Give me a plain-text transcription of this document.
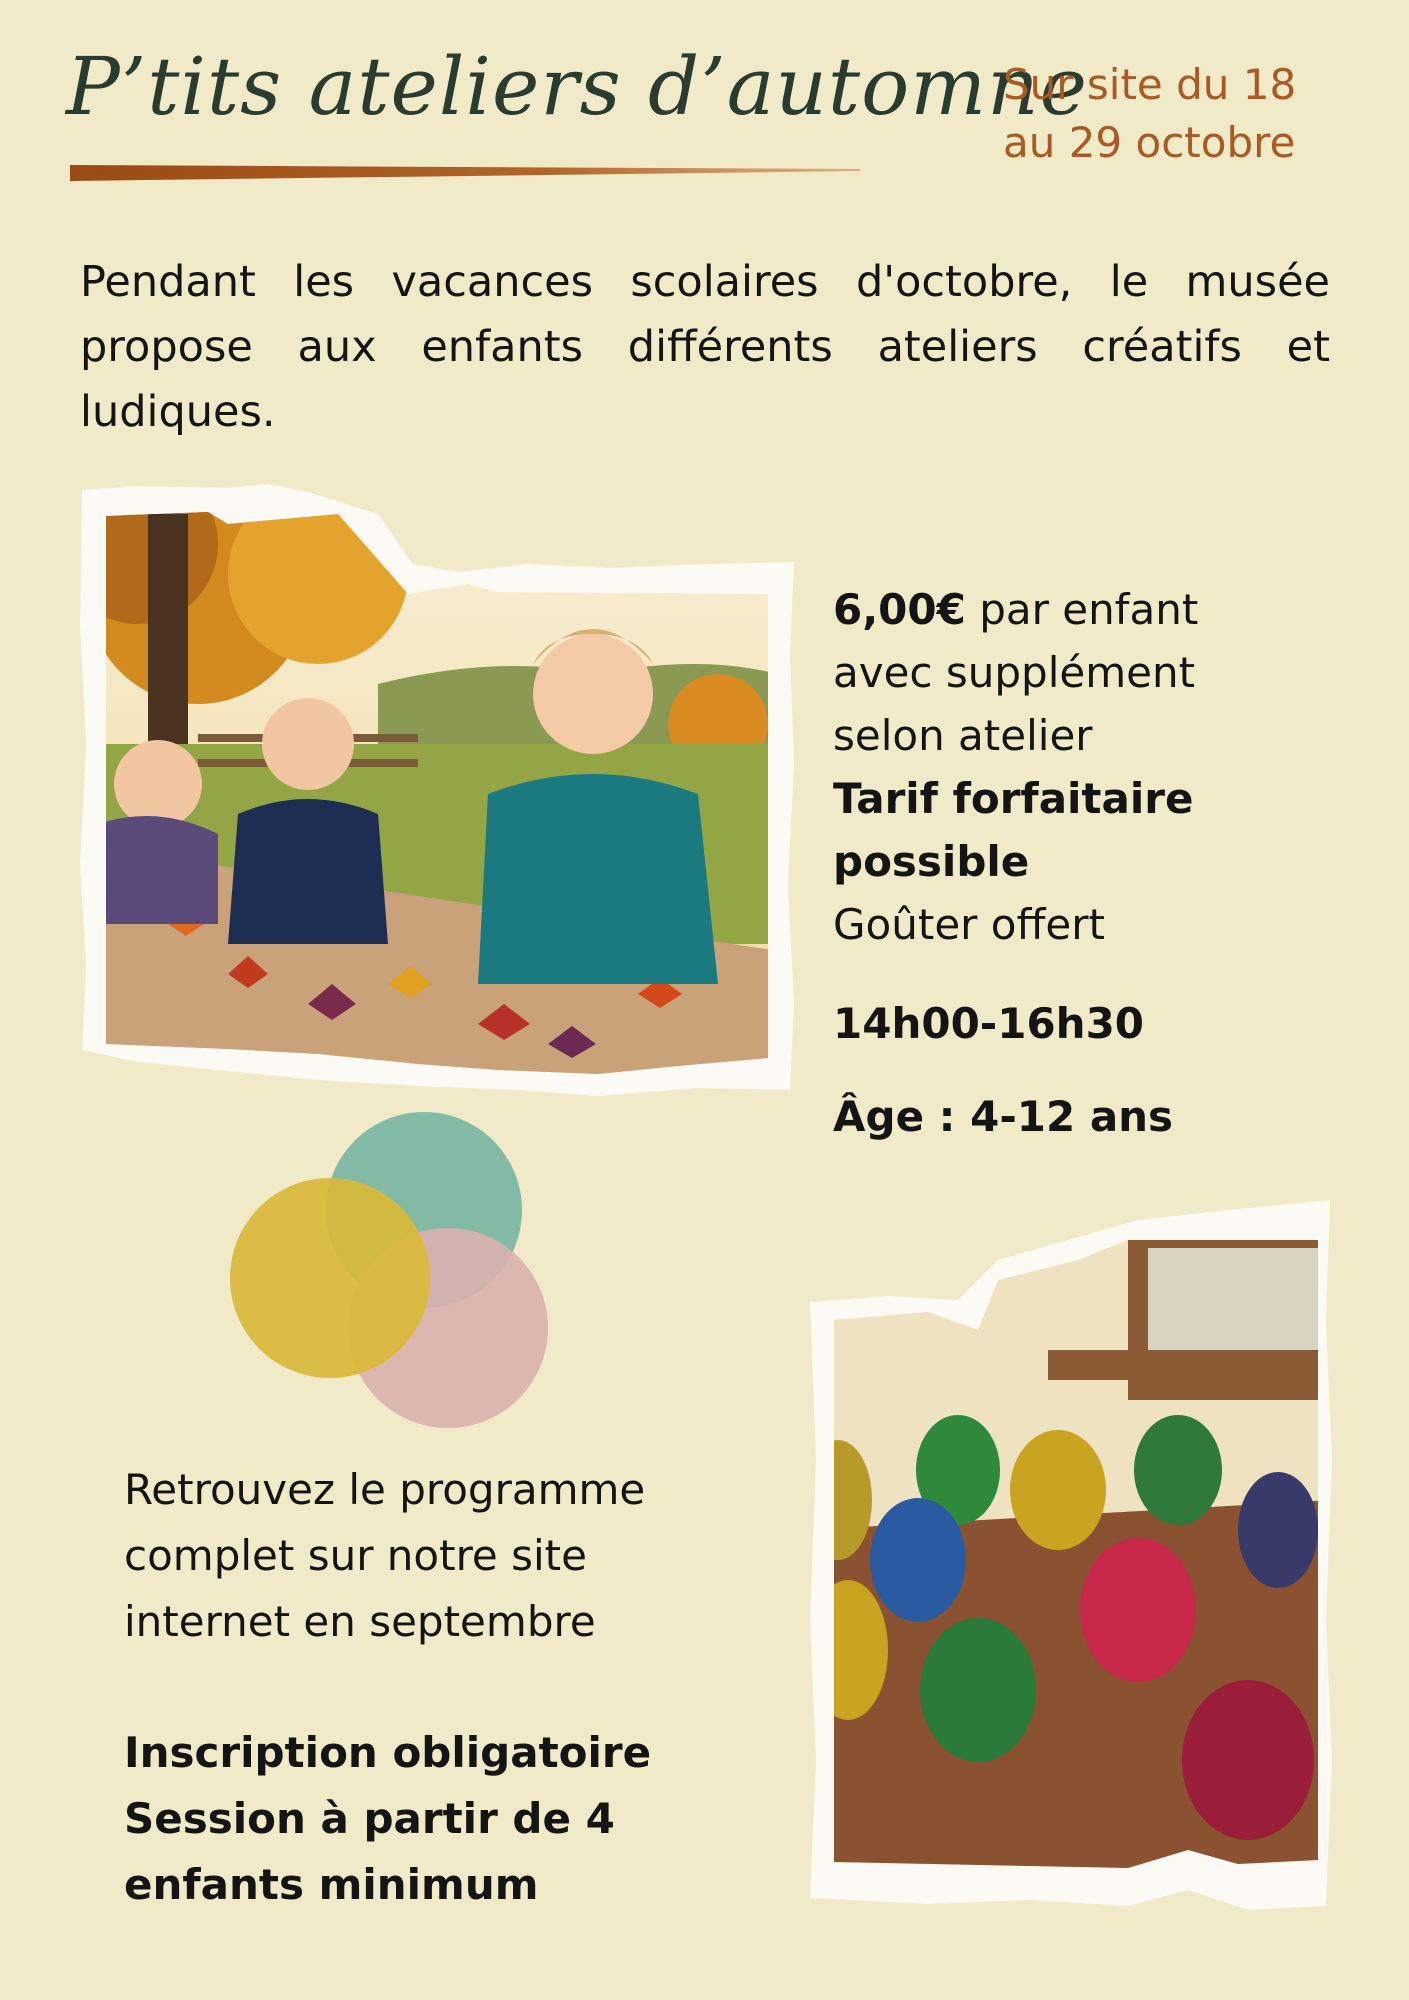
P’tits ateliers d’automne
Sur site du 18
au 29 octobre
Pendant les vacances scolaires d'octobre, le musée propose aux enfants différents ateliers créatifs et ludiques.
6,00€ par enfant
avec supplément
selon atelier
Tarif forfaitaire
possible
Goûter offert
14h00-16h30
Âge : 4-12 ans
Retrouvez le programme complet sur notre site internet en septembre
Inscription obligatoire
Session à partir de 4
enfants minimum
